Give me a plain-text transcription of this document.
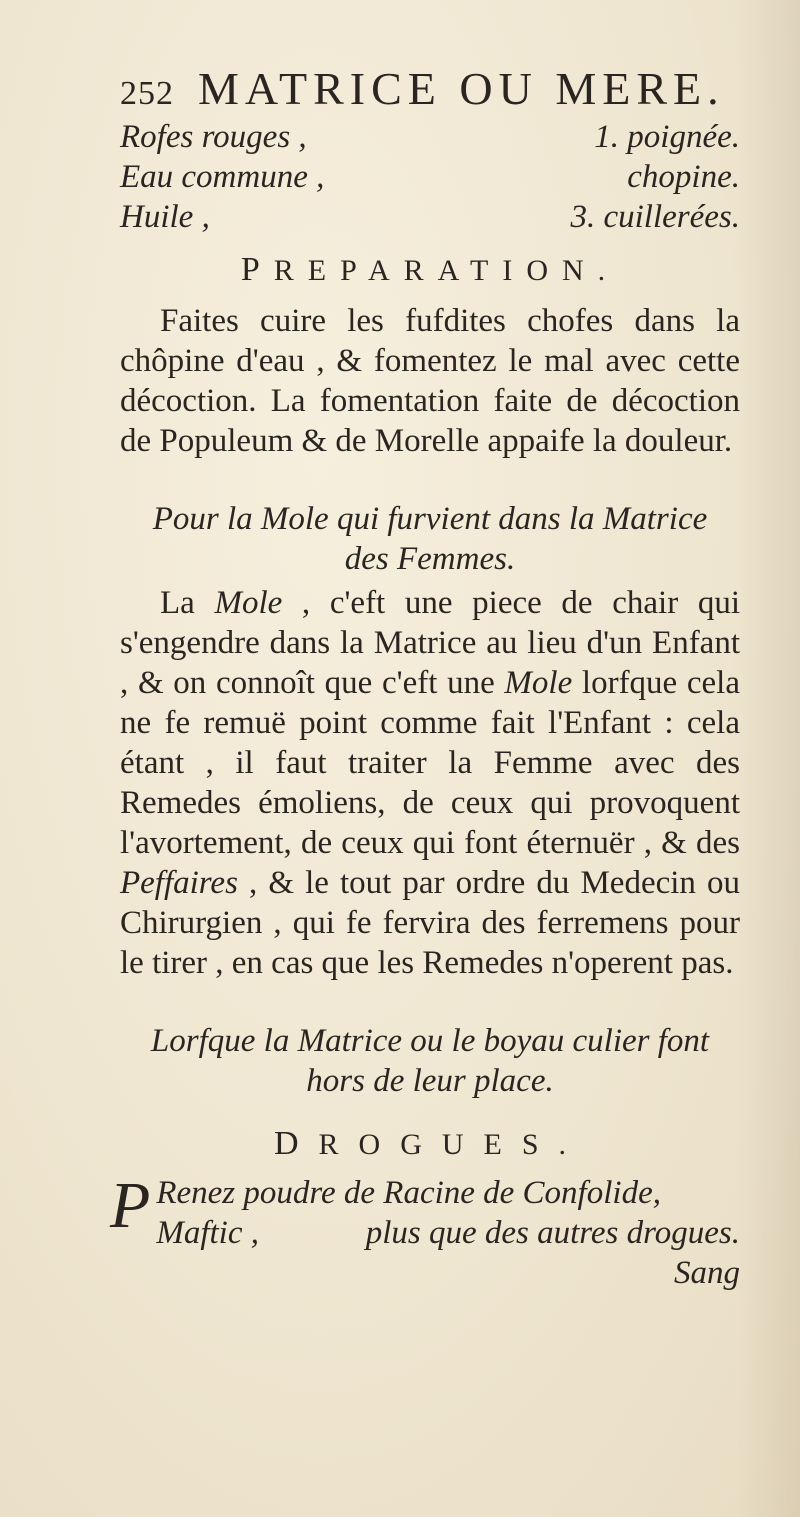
252 MATRICE OU MERE.
Rofes rouges ,	1. poignée.
Eau commune ,	chopine.
Huile ,	3. cuillerées.
PREPARATION.

Faites cuire les fufdites chofes dans la chôpine d'eau , & fomentez le mal avec cette décoction. La fomentation faite de décoction de Populeum & de Morelle appaife la douleur.

Pour la Mole qui furvient dans la Matrice
des Femmes.

La Mole , c'eft une piece de chair qui s'engendre dans la Matrice au lieu d'un Enfant , & on connoît que c'eft une Mole lorfque cela ne fe remuë point comme fait l'Enfant : cela étant , il faut traiter la Femme avec des Remedes émoliens, de ceux qui provoquent l'avortement, de ceux qui font éternuër , & des Peffaires , & le tout par ordre du Medecin ou Chirurgien , qui fe fervira des ferremens pour le tirer , en cas que les Remedes n'operent pas.

Lorfque la Matrice ou le boyau culier font
hors de leur place.
DROGUES.
P Renez poudre de Racine de Confolide,
Maftic ,	plus que des autres drogues.

Sang
